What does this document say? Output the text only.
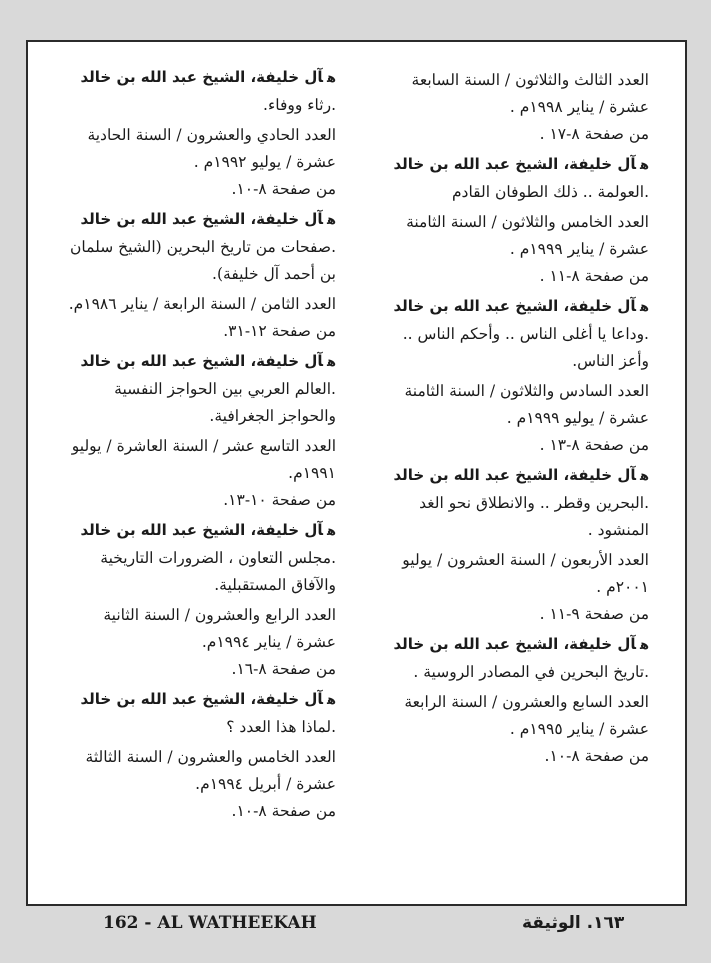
العدد الثالث والثلاثون / السنة السابعة عشرة / يناير ١٩٩٨م .
من صفحة ٨-١٧ .
هآل خليفة، الشيخ عبد الله بن خالد
.العولمة .. ذلك الطوفان القادم
العدد الخامس والثلاثون / السنة الثامنة عشرة / يناير ١٩٩٩م .
من صفحة ٨-١١ .
هآل خليفة، الشيخ عبد الله بن خالد
.وداعا يا أغلى الناس .. وأحكم الناس .. وأعز الناس.
العدد السادس والثلاثون / السنة الثامنة عشرة / يوليو ١٩٩٩م .
من صفحة ٨-١٣ .
هآل خليفة، الشيخ عبد الله بن خالد
.البحرين وقطر .. والانطلاق نحو الغد المنشود .
العدد الأربعون / السنة العشرون / يوليو ٢٠٠١م .
من صفحة ٩-١١ .
هآل خليفة، الشيخ عبد الله بن خالد
.تاريخ البحرين في المصادر الروسية .
العدد السابع والعشرون / السنة الرابعة عشرة / يناير ١٩٩٥م .
من صفحة ٨-١٠.
هآل خليفة، الشيخ عبد الله بن خالد
.رثاء ووفاء.
العدد الحادي والعشرون / السنة الحادية عشرة / يوليو ١٩٩٢م .
من صفحة ٨-١٠.
هآل خليفة، الشيخ عبد الله بن خالد
.صفحات من تاريخ البحرين (الشيخ سلمان بن أحمد آل خليفة).
العدد الثامن / السنة الرابعة / يناير ١٩٨٦م.
من صفحة ١٢-٣١.
هآل خليفة، الشيخ عبد الله بن خالد
.العالم العربي بين الحواجز النفسية والحواجز الجغرافية.
العدد التاسع عشر / السنة العاشرة / يوليو ١٩٩١م.
من صفحة ١٠-١٣.
هآل خليفة، الشيخ عبد الله بن خالد
.مجلس التعاون ، الضرورات التاريخية والآفاق المستقبلية.
العدد الرابع والعشرون / السنة الثانية عشرة / يناير ١٩٩٤م.
من صفحة ٨-١٦.
هآل خليفة، الشيخ عبد الله بن خالد
.لماذا هذا العدد ؟
العدد الخامس والعشرون / السنة الثالثة عشرة / أبريل ١٩٩٤م.
من صفحة ٨-١٠.
162 - AL WATHEEKAH	١٦٣. الوثيقة
